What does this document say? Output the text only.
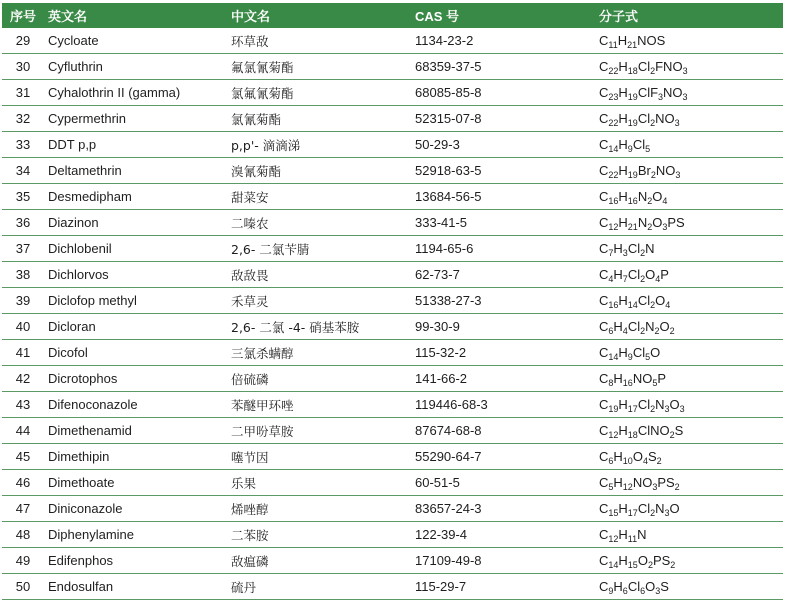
序号	英文名	中文名	CAS 号	分子式
29	Cycloate	环草敌	1134-23-2	$C_{11}H_{21}NOS$
30	Cyfluthrin	氟氯氰菊酯	68359-37-5	$C_{22}H_{18}Cl_2FNO_3$
31	Cyhalothrin II (gamma)	氯氟氰菊酯	68085-85-8	$C_{23}H_{19}ClF_3NO_3$
32	Cypermethrin	氯氰菊酯	52315-07-8	$C_{22}H_{19}Cl_2NO_3$
33	DDT p,p	p,p'- 滴滴涕	50-29-3	$C_{14}H_9Cl_5$
34	Deltamethrin	溴氰菊酯	52918-63-5	$C_{22}H_{19}Br_2NO_3$
35	Desmedipham	甜菜安	13684-56-5	$C_{16}H_{16}N_2O_4$
36	Diazinon	二嗪农	333-41-5	$C_{12}H_{21}N_2O_3PS$
37	Dichlobenil	2,6- 二氯苄腈	1194-65-6	$C_7H_3Cl_2N$
38	Dichlorvos	敌敌畏	62-73-7	$C_4H_7Cl_2O_4P$
39	Diclofop methyl	禾草灵	51338-27-3	$C_{16}H_{14}Cl_2O_4$
40	Dicloran	2,6- 二氯 -4- 硝基苯胺	99-30-9	$C_6H_4Cl_2N_2O_2$
41	Dicofol	三氯杀螨醇	115-32-2	$C_{14}H_9Cl_5O$
42	Dicrotophos	倍硫磷	141-66-2	$C_8H_{16}NO_5P$
43	Difenoconazole	苯醚甲环唑	119446-68-3	$C_{19}H_{17}Cl_2N_3O_3$
44	Dimethenamid	二甲吩草胺	87674-68-8	$C_{12}H_{18}ClNO_2S$
45	Dimethipin	噻节因	55290-64-7	$C_6H_{10}O_4S_2$
46	Dimethoate	乐果	60-51-5	$C_5H_{12}NO_3PS_2$
47	Diniconazole	烯唑醇	83657-24-3	$C_{15}H_{17}Cl_2N_3O$
48	Diphenylamine	二苯胺	122-39-4	$C_{12}H_{11}N$
49	Edifenphos	敌瘟磷	17109-49-8	$C_{14}H_{15}O_2PS_2$
50	Endosulfan	硫丹	115-29-7	$C_9H_6Cl_6O_3S$
